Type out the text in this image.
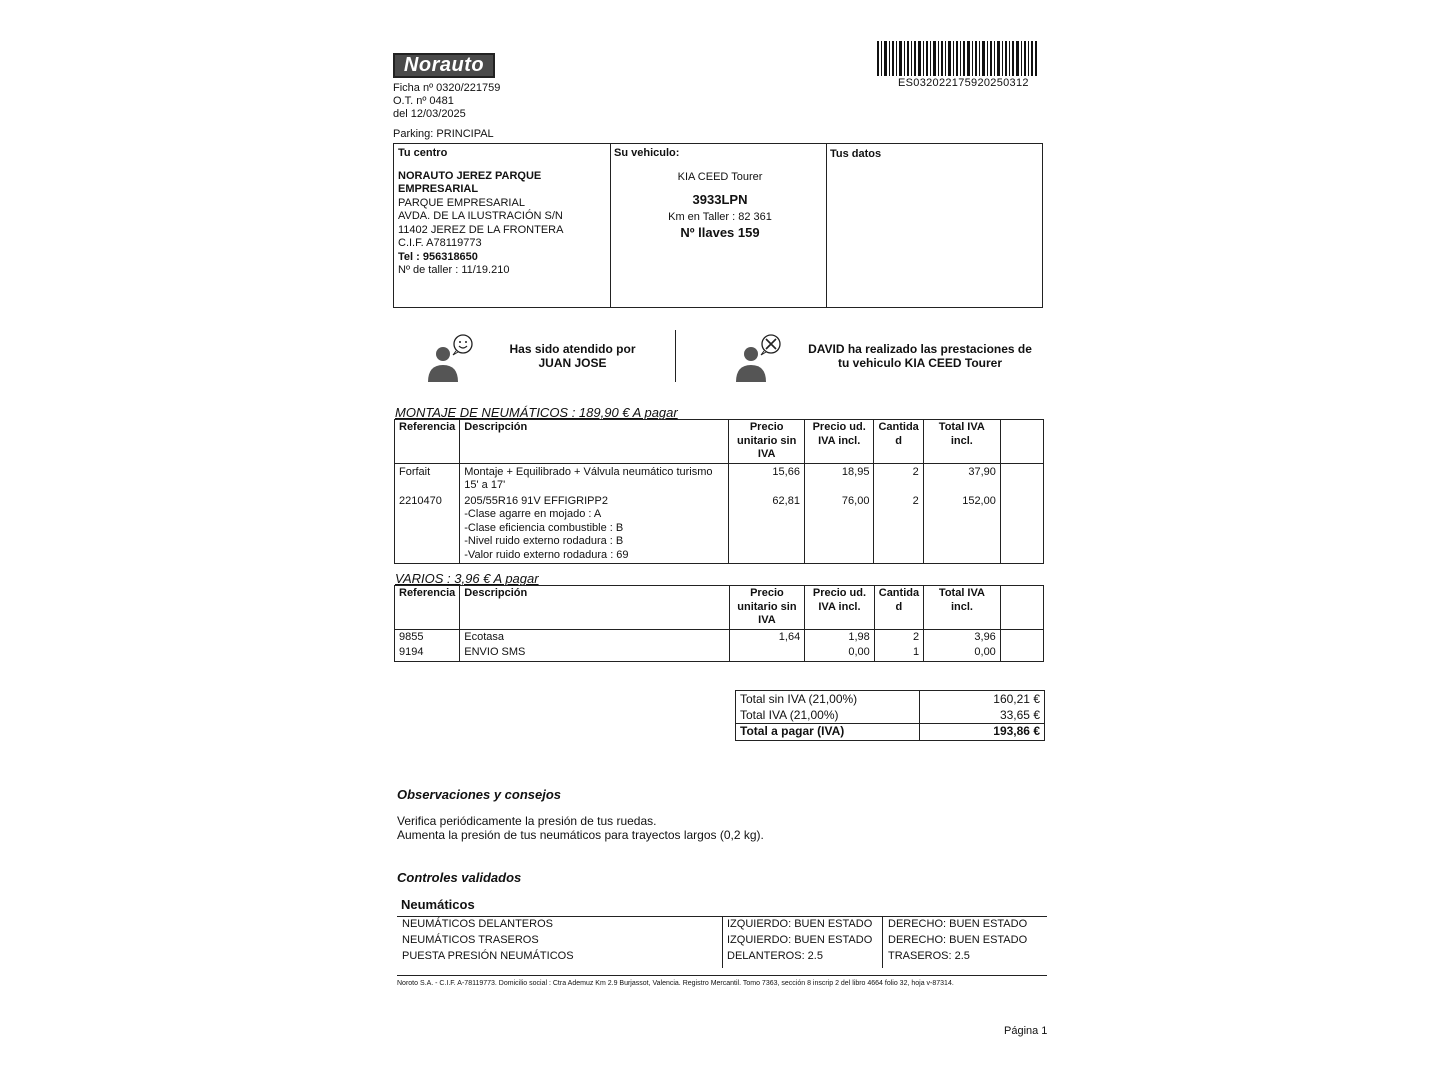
Norauto
Ficha nº 0320/221759
O.T. nº 0481
del 12/03/2025
Parking: PRINCIPAL
ES032022175920250312
Tu centro
NORAUTO JEREZ PARQUE EMPRESARIAL
PARQUE EMPRESARIAL
AVDA. DE LA ILUSTRACIÓN S/N
11402 JEREZ DE LA FRONTERA
C.I.F. A78119773
Tel : 956318650
Nº de taller : 11/19.210
Su vehiculo:
KIA CEED Tourer
3933LPN
Km en Taller : 82 361
Nº llaves 159
Tus datos
Has sido atendido por
JUAN JOSE
DAVID ha realizado las prestaciones de
tu vehiculo KIA CEED Tourer
MONTAJE DE NEUMÁTICOS : 189,90 € A pagar
Referencia	Descripción	Precio unitario sin IVA	Precio ud. IVA incl.	Cantida d	Total IVA incl.	
Forfait	Montaje + Equilibrado + Válvula neumático turismo 15' a 17'	15,66	18,95	2	37,90	
2210470	205/55R16 91V EFFIGRIPP2
-Clase agarre en mojado : A
-Clase eficiencia combustible : B
-Nivel ruido externo rodadura : B
-Valor ruido externo rodadura : 69	62,81	76,00	2	152,00	
VARIOS : 3,96 € A pagar
Referencia	Descripción	Precio unitario sin IVA	Precio ud. IVA incl.	Cantida d	Total IVA incl.	
9855	Ecotasa	1,64	1,98	2	3,96	
9194	ENVIO SMS		0,00	1	0,00	
Total sin IVA (21,00%)	160,21 €
Total IVA (21,00%)	33,65 €
Total a pagar (IVA)	193,86 €
Observaciones y consejos
Verifica periódicamente la presión de tus ruedas.
Aumenta la presión de tus neumáticos para trayectos largos (0,2 kg).
Controles validados
Neumáticos
NEUMÁTICOS DELANTEROS	IZQUIERDO: BUEN ESTADO DERECHO: BUEN ESTADO
NEUMÁTICOS TRASEROS	IZQUIERDO: BUEN ESTADO DERECHO: BUEN ESTADO
PUESTA PRESIÓN NEUMÁTICOS	DELANTEROS: 2.5	TRASEROS: 2.5
Noroto S.A. - C.I.F. A-78119773. Domicilio social : Ctra Ademuz Km 2.9 Burjassot, Valencia. Registro Mercantil. Tomo 7363, sección 8 inscrip 2 del libro 4664 folio 32, hoja v-87314.
Página 1
